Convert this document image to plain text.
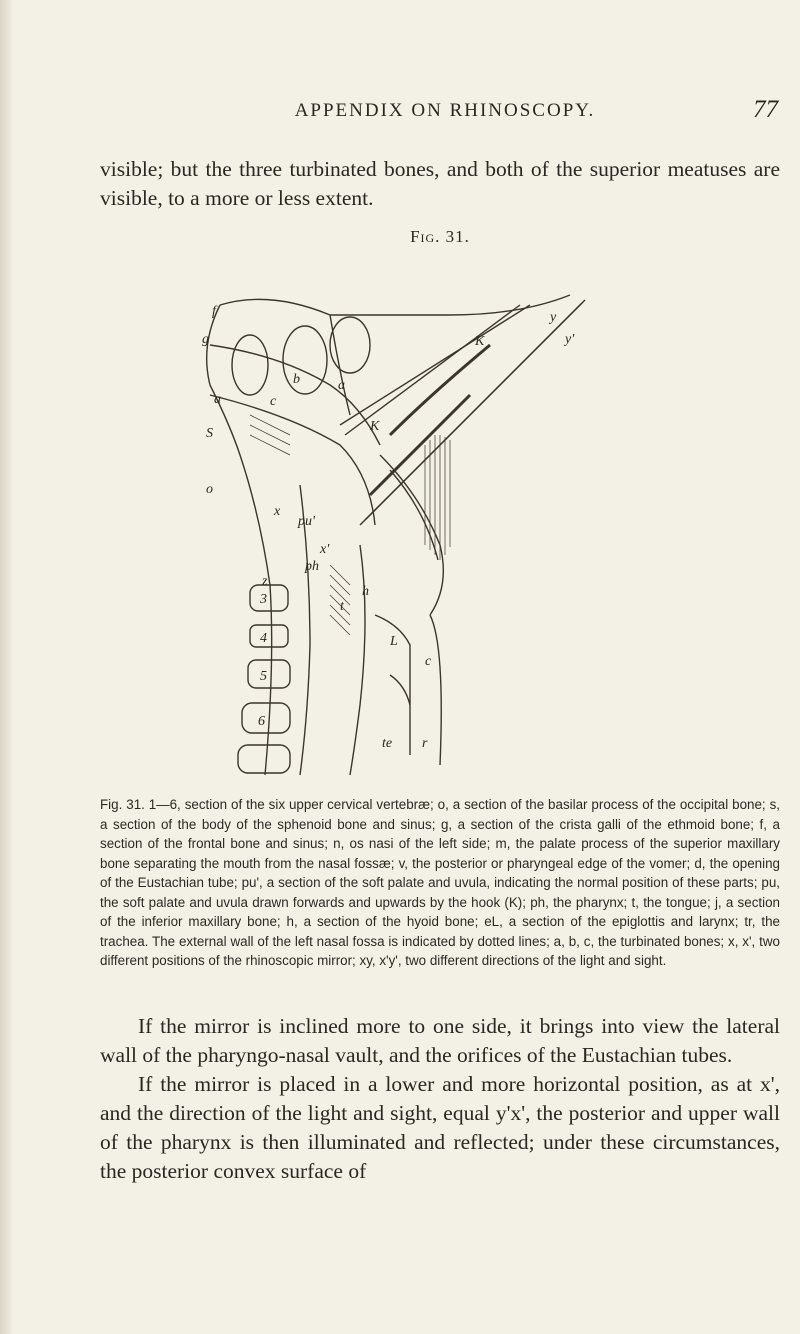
APPENDIX ON RHINOSCOPY.	77

visible; but the three turbinated bones, and both of the superior meatuses are visible, to a more or less extent.

Fig. 31.
f
g
b
c
a
K
y
y'
a
K
S
o
x
x'
ph
pu'
z
h
t
3
4	L
5
c
6
te r
Fig. 31. 1—6, section of the six upper cervical vertebræ; o, a section of the basilar process of the occipital bone; s, a section of the body of the sphenoid bone and sinus; g, a section of the crista galli of the ethmoid bone; f, a section of the frontal bone and sinus; n, os nasi of the left side; m, the palate process of the superior maxillary bone separating the mouth from the nasal fossæ; v, the posterior or pharyngeal edge of the vomer; d, the opening of the Eustachian tube; pu', a section of the soft palate and uvula, indicating the normal position of these parts; pu, the soft palate and uvula drawn forwards and upwards by the hook (K); ph, the pharynx; t, the tongue; j, a section of the inferior maxillary bone; h, a section of the hyoid bone; eL, a section of the epiglottis and larynx; tr, the trachea. The external wall of the left nasal fossa is indicated by dotted lines; a, b, c, the turbinated bones; x, x', two different positions of the rhinoscopic mirror; xy, x'y', two different directions of the light and sight.

If the mirror is inclined more to one side, it brings into view the lateral wall of the pharyngo-nasal vault, and the orifices of the Eustachian tubes.

If the mirror is placed in a lower and more horizontal position, as at x', and the direction of the light and sight, equal y'x', the posterior and upper wall of the pharynx is then illuminated and reflected; under these circumstances, the posterior convex surface of
